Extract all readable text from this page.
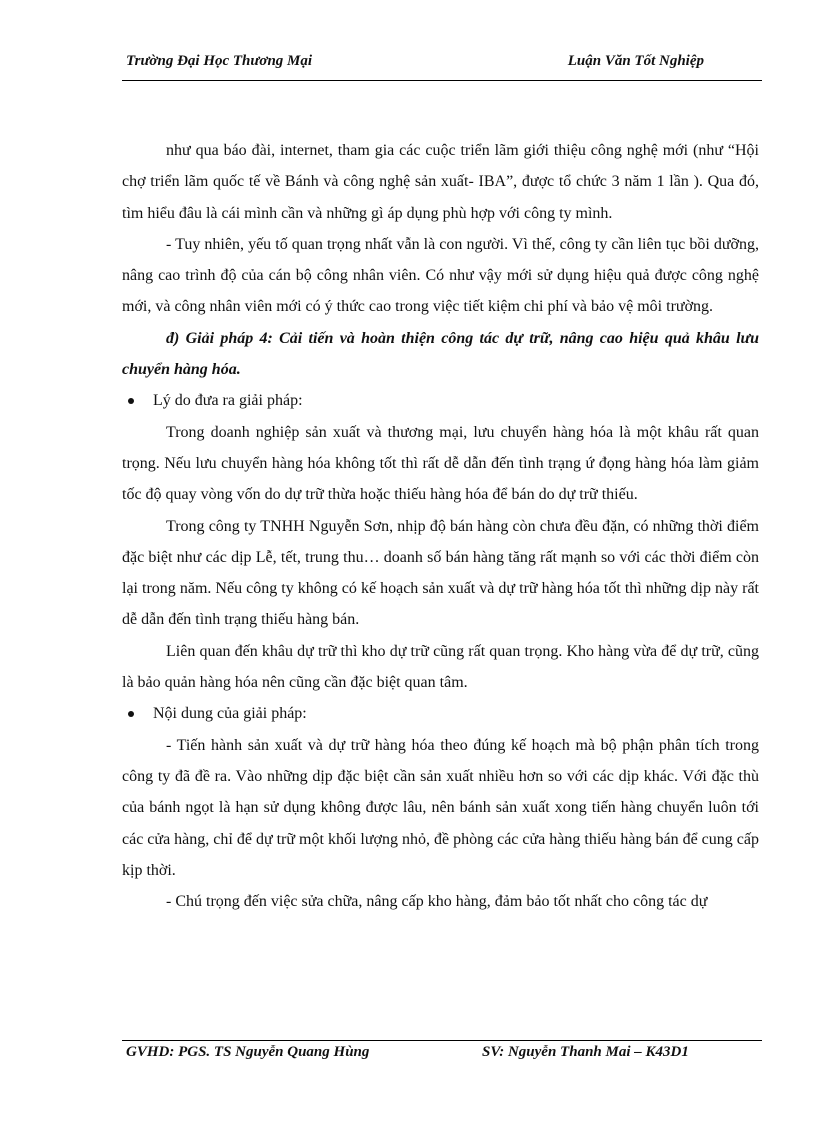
Trường Đại Học Thương Mại	Luận Văn Tốt Nghiệp

như qua báo đài, internet, tham gia các cuộc triển lãm giới thiệu công nghệ mới (như “Hội chợ triển lãm quốc tế về Bánh và công nghệ sản xuất- IBA”, được tổ chức 3 năm 1 lần ). Qua đó, tìm hiểu đâu là cái mình cần và những gì áp dụng phù hợp với công ty mình.

- Tuy nhiên, yếu tố quan trọng nhất vẫn là con người. Vì thế, công ty cần liên tục bồi dưỡng, nâng cao trình độ của cán bộ công nhân viên. Có như vậy mới sử dụng hiệu quả được công nghệ mới, và công nhân viên mới có ý thức cao trong việc tiết kiệm chi phí và bảo vệ môi trường.

đ) Giải pháp 4: Cải tiến và hoàn thiện công tác dự trữ, nâng cao hiệu quả khâu lưu chuyển hàng hóa.

Lý do đưa ra giải pháp:

Trong doanh nghiệp sản xuất và thương mại, lưu chuyển hàng hóa là một khâu rất quan trọng. Nếu lưu chuyển hàng hóa không tốt thì rất dễ dẫn đến tình trạng ứ đọng hàng hóa làm giảm tốc độ quay vòng vốn do dự trữ thừa hoặc thiếu hàng hóa để bán do dự trữ thiếu.

Trong công ty TNHH Nguyễn Sơn, nhịp độ bán hàng còn chưa đều đặn, có những thời điểm đặc biệt như các dịp Lễ, tết, trung thu… doanh số bán hàng tăng rất mạnh so với các thời điểm còn lại trong năm. Nếu công ty không có kế hoạch sản xuất và dự trữ hàng hóa tốt thì những dịp này rất dễ dẫn đến tình trạng thiếu hàng bán.

Liên quan đến khâu dự trữ thì kho dự trữ cũng rất quan trọng. Kho hàng vừa để dự trữ, cũng là bảo quản hàng hóa nên cũng cần đặc biệt quan tâm.

Nội dung của giải pháp:

- Tiến hành sản xuất và dự trữ hàng hóa theo đúng kế hoạch mà bộ phận phân tích trong công ty đã đề ra. Vào những dịp đặc biệt cần sản xuất nhiều hơn so với các dịp khác. Với đặc thù của bánh ngọt là hạn sử dụng không được lâu, nên bánh sản xuất xong tiến hàng chuyển luôn tới các cửa hàng, chỉ để dự trữ một khối lượng nhỏ, đề phòng các cửa hàng thiếu hàng bán để cung cấp kịp thời.

- Chú trọng đến việc sửa chữa, nâng cấp kho hàng, đảm bảo tốt nhất cho công tác dự

GVHD: PGS. TS Nguyễn Quang Hùng	SV: Nguyễn Thanh Mai – K43D1
